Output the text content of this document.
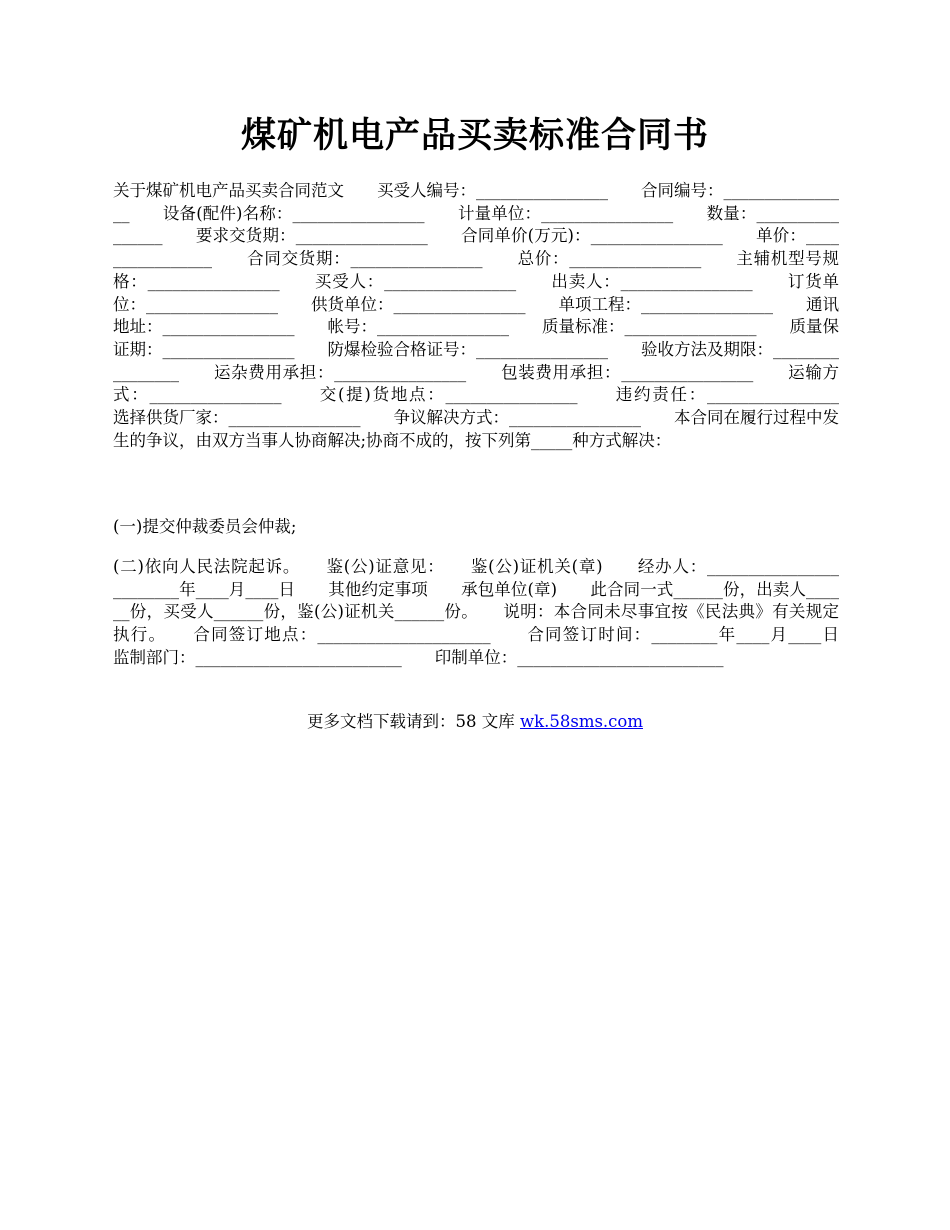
煤矿机电产品买卖标准合同书

关于煤矿机电产品买卖合同范文　　买受人编号：________________　　合同编号：________________　　设备(配件)名称：________________　　计量单位：________________　　数量：________________　　要求交货期：________________　　合同单价(万元)：________________　　单价：________________　　合同交货期：________________　　总价：________________　　主辅机型号规格：________________　　买受人：________________　　出卖人：________________　　订货单位：________________　　供货单位：________________　　单项工程：________________　　通讯地址：________________　　帐号：________________　　质量标准：________________　　质量保证期：________________　　防爆检验合格证号：________________　　验收方法及期限：________________　　运杂费用承担：________________　　包装费用承担：________________　　运输方式：________________　　交(提)货地点：________________　　违约责任：________________　　选择供货厂家：________________　　争议解决方式：________________　　本合同在履行过程中发生的争议，由双方当事人协商解决;协商不成的，按下列第_____种方式解决：

(一)提交仲裁委员会仲裁;

(二)依向人民法院起诉。　　鉴(公)证意见：　　鉴(公)证机关(章)　　经办人：________________　　________年____月____日　　其他约定事项　　承包单位(章)　　此合同一式______份，出卖人______份，买受人______份，鉴(公)证机关______份。　　说明：本合同未尽事宜按《民法典》有关规定执行。　　合同签订地点：_____________________　　合同签订时间：________年____月____日　　监制部门：_________________________　　印制单位：_________________________

更多文档下载请到：58 文库 wk.58sms.com
